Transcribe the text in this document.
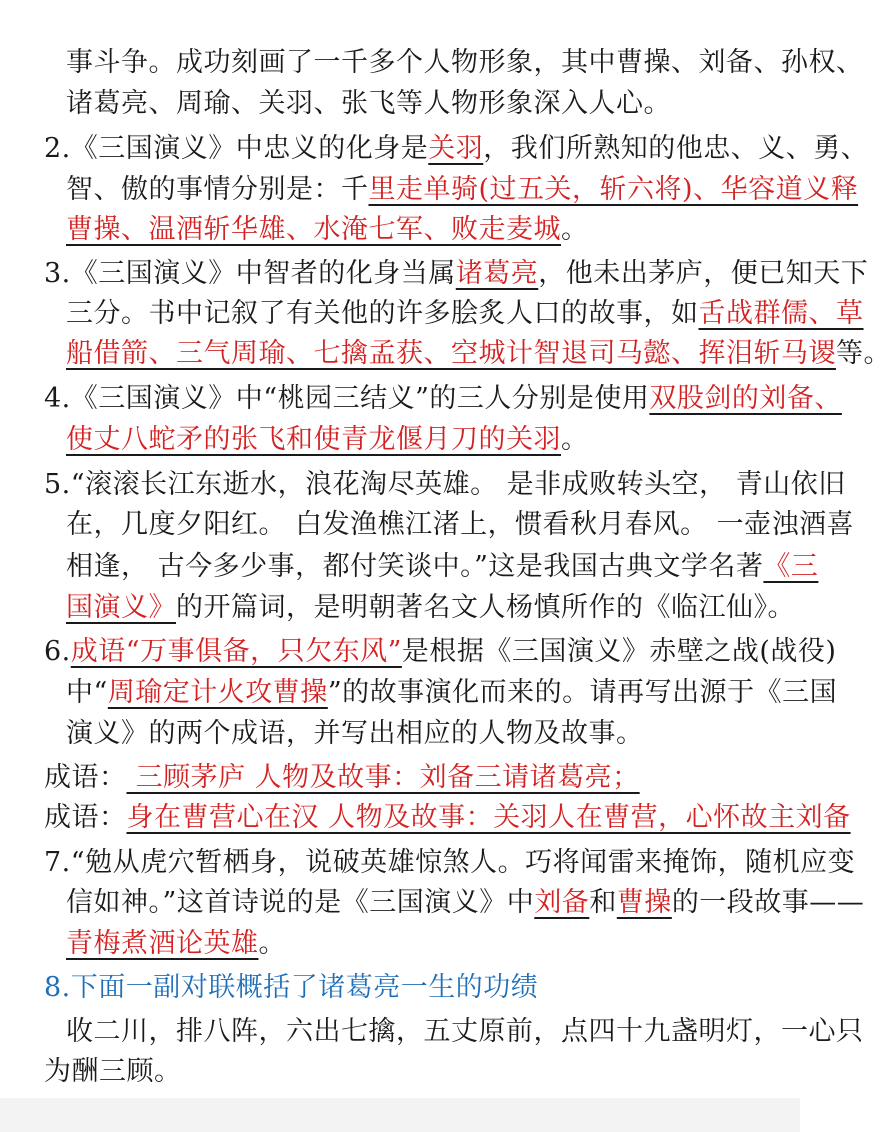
事斗争。成功刻画了一千多个人物形象，其中曹操、刘备、孙权、
诸葛亮、周瑜、关羽、张飞等人物形象深入人心。
2.《三国演义》中忠义的化身是关羽，我们所熟知的他忠、义、勇、
智、傲的事情分别是：千里走单骑(过五关，斩六将)、华容道义释
曹操、温酒斩华雄、水淹七军、败走麦城。
3.《三国演义》中智者的化身当属诸葛亮，他未出茅庐，便已知天下
三分。书中记叙了有关他的许多脍炙人口的故事，如舌战群儒、草
船借箭、三气周瑜、七擒孟获、空城计智退司马懿、挥泪斩马谡等。
4.《三国演义》中“桃园三结义”的三人分别是使用双股剑的刘备、
使丈八蛇矛的张飞和使青龙偃月刀的关羽。
5.“滚滚长江东逝水，浪花淘尽英雄。 是非成败转头空， 青山依旧
在，几度夕阳红。 白发渔樵江渚上，惯看秋月春风。 一壶浊酒喜
相逢， 古今多少事，都付笑谈中。”这是我国古典文学名著《三
国演义》的开篇词，是明朝著名文人杨慎所作的《临江仙》。
6.成语“万事俱备，只欠东风”是根据《三国演义》赤壁之战(战役)
中“周瑜定计火攻曹操”的故事演化而来的。请再写出源于《三国
演义》的两个成语，并写出相应的人物及故事。
成语： 三顾茅庐 人物及故事：刘备三请诸葛亮；
成语：身在曹营心在汉 人物及故事：关羽人在曹营，心怀故主刘备
7.“勉从虎穴暂栖身，说破英雄惊煞人。巧将闻雷来掩饰，随机应变
信如神。”这首诗说的是《三国演义》中刘备和曹操的一段故事——
青梅煮酒论英雄。
8.下面一副对联概括了诸葛亮一生的功绩
收二川，排八阵，六出七擒，五丈原前，点四十九盏明灯，一心只
为酬三顾。
